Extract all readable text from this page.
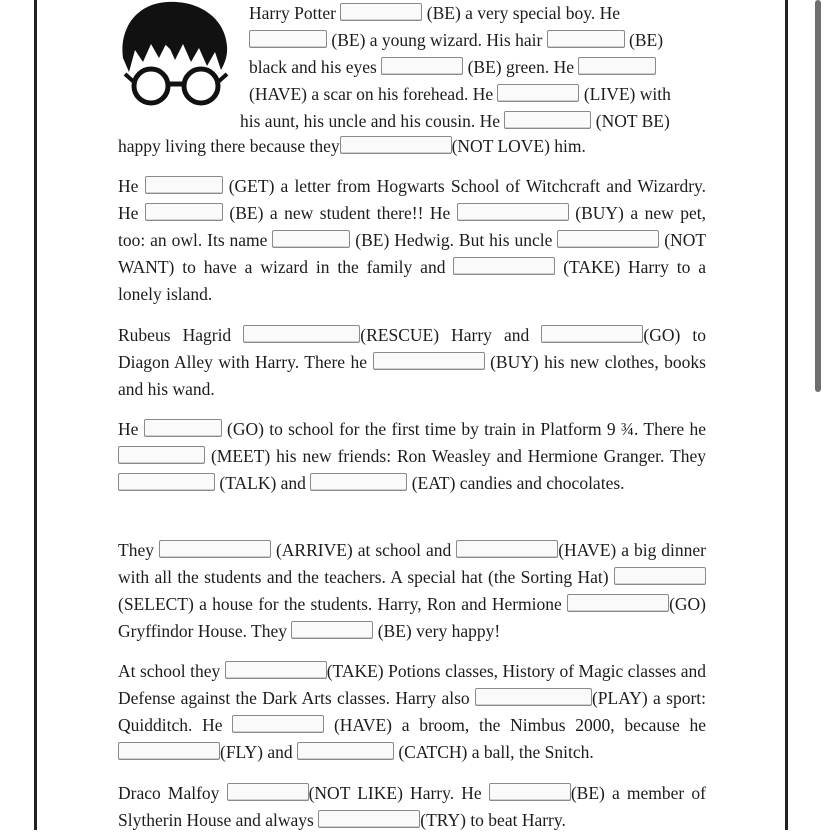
Harry Potter	(BE) a very special boy. He
(BE) a young wizard. His hair	(BE)
black and his eyes	(BE) green. He
(HAVE) a scar on his forehead. He	(LIVE) with

his aunt, his uncle and his cousin. He	(NOT BE)

happy living there because they	(NOT LOVE) him.

He	(GET) a letter from Hogwarts School of Witchcraft and Wizardry. He	(BE) a new student there!! He	(BUY) a new pet, too: an owl. Its name	(BE) Hedwig. But his uncle	(NOT WANT) to have a wizard in the family and	(TAKE) Harry to a lonely island.

Rubeus Hagrid	(RESCUE) Harry and	(GO) to Diagon Alley with Harry. There he	(BUY) his new clothes, books and his wand.

He	(GO) to school for the first time by train in Platform 9 ¾. There he (MEET) his new friends: Ron Weasley and Hermione Granger. They  (TALK) and	(EAT) candies and chocolates.

They	(ARRIVE) at school and	(HAVE) a big dinner with all the students and the teachers. A special hat (the Sorting Hat)  (SELECT) a house for the students. Harry, Ron and Hermione	(GO) Gryffindor House. They	(BE) very happy!

At school they	(TAKE) Potions classes, History of Magic classes and Defense against the Dark Arts classes. Harry also	(PLAY) a sport: Quidditch. He	(HAVE) a broom, the Nimbus 2000, because he (FLY) and	(CATCH) a ball, the Snitch.

Draco Malfoy	(NOT LIKE) Harry. He	(BE) a member of Slytherin House and always	(TRY) to beat Harry.
